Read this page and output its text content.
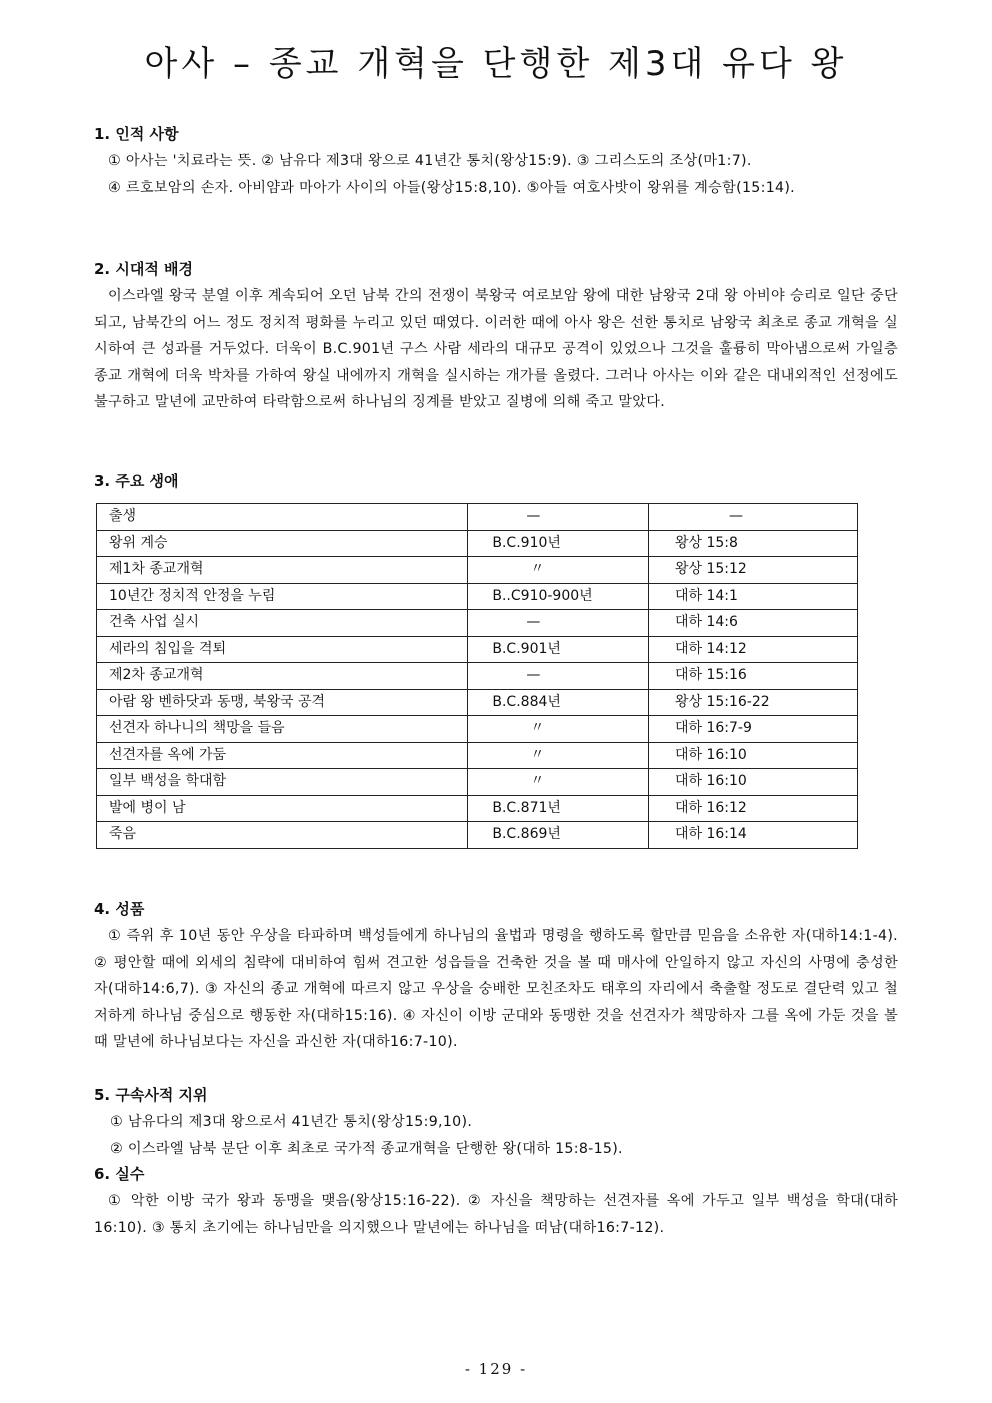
아사 – 종교 개혁을 단행한 제3대 유다 왕

1. 인적 사항

① 아사는 '치료라는 뜻. ② 남유다 제3대 왕으로 41년간 통치(왕상15:9). ③ 그리스도의 조상(마1:7).

④ 르호보암의 손자. 아비얌과 마아가 사이의 아들(왕상15:8,10). ⑤아들 여호사밧이 왕위를 계승함(15:14).

2. 시대적 배경

이스라엘 왕국 분열 이후 계속되어 오던 남북 간의 전쟁이 북왕국 여로보암 왕에 대한 남왕국 2대 왕 아비야 승리로 일단 중단되고, 남북간의 어느 정도 정치적 평화를 누리고 있던 때였다. 이러한 때에 아사 왕은 선한 통치로 남왕국 최초로 종교 개혁을 실시하여 큰 성과를 거두었다. 더욱이 B.C.901년 구스 사람 세라의 대규모 공격이 있었으나 그것을 훌륭히 막아냄으로써 가일층 종교 개혁에 더욱 박차를 가하여 왕실 내에까지 개혁을 실시하는 개가를 올렸다. 그러나 아사는 이와 같은 대내외적인 선정에도 불구하고 말년에 교만하여 타락함으로써 하나님의 징계를 받았고 질병에 의해 죽고 말았다.

3. 주요 생애

출생	—	—
왕위 계승	B.C.910년	왕상 15:8
제1차 종교개혁	〃	왕상 15:12
10년간 정치적 안정을 누림	B..C910-900년	대하 14:1
건축 사업 실시	—	대하 14:6
세라의 침입을 격퇴	B.C.901년	대하 14:12
제2차 종교개혁	—	대하 15:16
아람 왕 벤하닷과 동맹, 북왕국 공격	B.C.884년	왕상 15:16-22
선견자 하나니의 책망을 들음	〃	대하 16:7-9
선견자를 옥에 가둠	〃	대하 16:10
일부 백성을 학대함	〃	대하 16:10
발에 병이 남	B.C.871년	대하 16:12
죽음	B.C.869년	대하 16:14

4. 성품

① 즉위 후 10년 동안 우상을 타파하며 백성들에게 하나님의 율법과 명령을 행하도록 할만큼 믿음을 소유한 자(대하14:1-4). ② 평안할 때에 외세의 침략에 대비하여 힘써 견고한 성읍들을 건축한 것을 볼 때 매사에 안일하지 않고 자신의 사명에 충성한 자(대하14:6,7). ③ 자신의 종교 개혁에 따르지 않고 우상을 숭배한 모친조차도 태후의 자리에서 축출할 정도로 결단력 있고 철저하게 하나님 중심으로 행동한 자(대하15:16). ④ 자신이 이방 군대와 동맹한 것을 선견자가 책망하자 그를 옥에 가둔 것을 볼 때 말년에 하나님보다는 자신을 과신한 자(대하16:7-10).

5. 구속사적 지위

① 남유다의 제3대 왕으로서 41년간 통치(왕상15:9,10).

② 이스라엘 남북 분단 이후 최초로 국가적 종교개혁을 단행한 왕(대하 15:8-15).

6. 실수

① 악한 이방 국가 왕과 동맹을 맺음(왕상15:16-22). ② 자신을 책망하는 선견자를 옥에 가두고 일부 백성을 학대(대하16:10). ③ 통치 초기에는 하나님만을 의지했으나 말년에는 하나님을 떠남(대하16:7-12).

- 129 -
